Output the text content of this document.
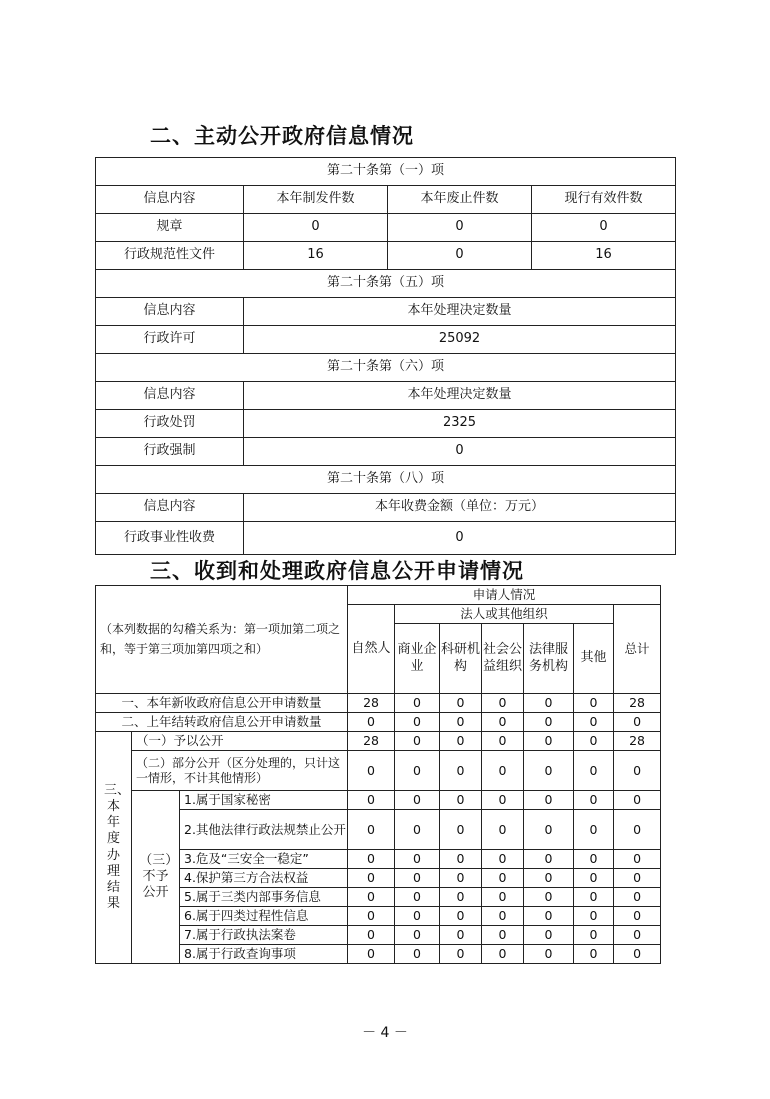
二、主动公开政府信息情况
第二十条第（一）项			
信息内容	本年制发件数	本年废止件数	现行有效件数
规章	0	0	0
行政规范性文件	16	0	16
第二十条第（五）项			
信息内容	本年处理决定数量		
行政许可	25092		
第二十条第（六）项			
信息内容	本年处理决定数量		
行政处罚	2325		
行政强制	0		
第二十条第（八）项			
信息内容	本年收费金额（单位：万元）		
行政事业性收费	0		
三、收到和处理政府信息公开申请情况
（本列数据的勾稽关系为：第一项加第二项之和，等于第三项加第四项之和）			申请人情况						
			自然人	法人或其他组织					总计
				商业企业	科研机构	社会公益组织	法律服务机构	其他	
一、本年新收政府信息公开申请数量			28	0	0	0	0	0	28
二、上年结转政府信息公开申请数量			0	0	0	0	0	0	0
三、本年度办理结果	（一）予以公开		28	0	0	0	0	0	28
	（二）部分公开（区分处理的，只计这一情形，不计其他情形）		0	0	0	0	0	0	0
	（三）不予公开	1.属于国家秘密	0	0	0	0	0	0	0
		2.其他法律行政法规禁止公开	0	0	0	0	0	0	0
		3.危及“三安全一稳定”	0	0	0	0	0	0	0
		4.保护第三方合法权益	0	0	0	0	0	0	0
		5.属于三类内部事务信息	0	0	0	0	0	0	0
		6.属于四类过程性信息	0	0	0	0	0	0	0
		7.属于行政执法案卷	0	0	0	0	0	0	0
		8.属于行政查询事项	0	0	0	0	0	0	0
－ 4 －
